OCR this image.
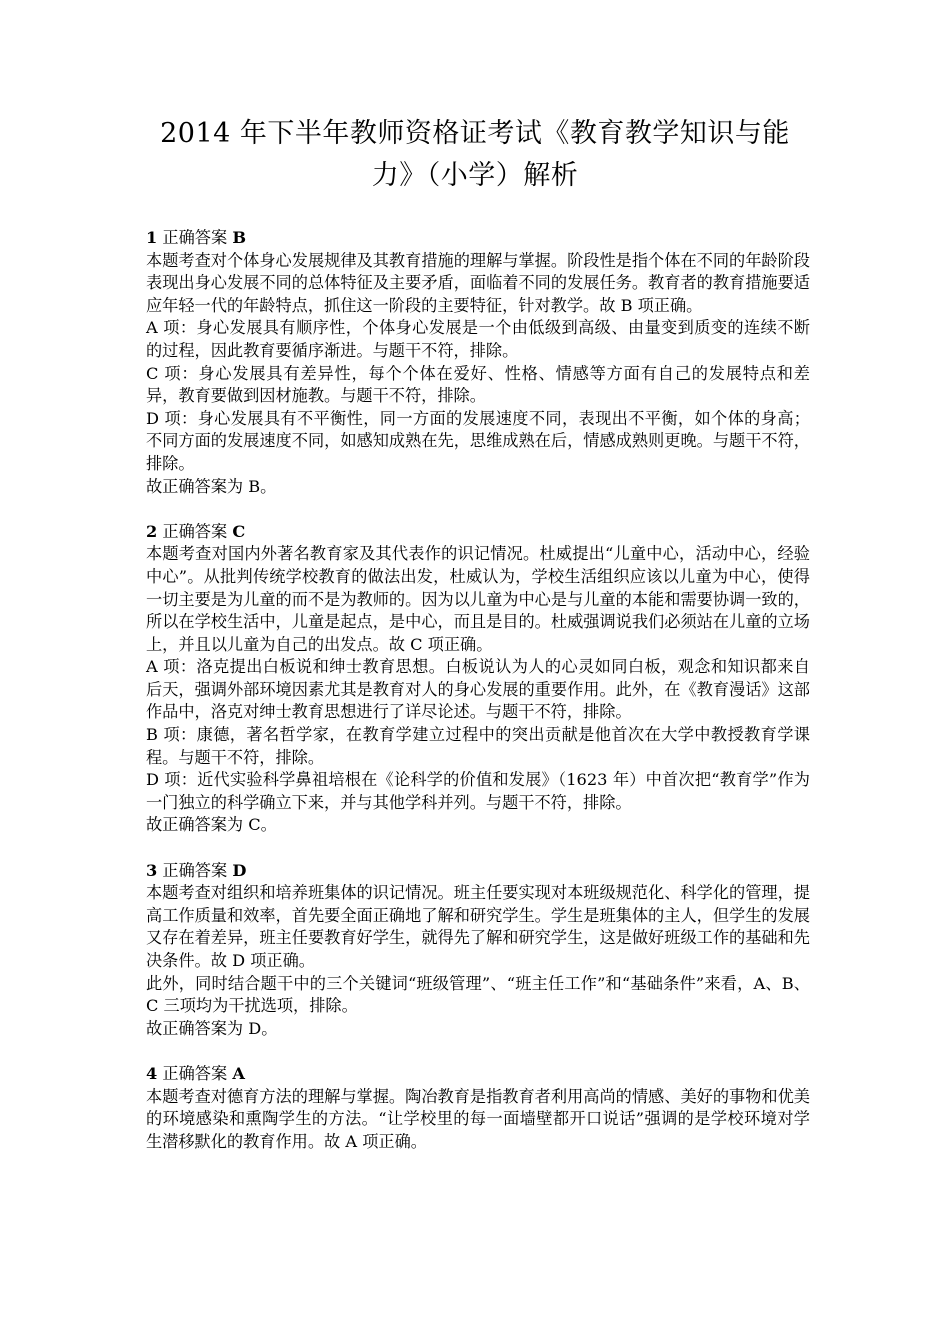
2014 年下半年教师资格证考试《教育教学知识与能
力》（小学）解析

1 正确答案 B

本题考查对个体身心发展规律及其教育措施的理解与掌握。阶段性是指个体在不同的年龄阶段表现出身心发展不同的总体特征及主要矛盾，面临着不同的发展任务。教育者的教育措施要适应年轻一代的年龄特点，抓住这一阶段的主要特征，针对教学。故 B 项正确。

A 项：身心发展具有顺序性，个体身心发展是一个由低级到高级、由量变到质变的连续不断的过程，因此教育要循序渐进。与题干不符，排除。

C 项：身心发展具有差异性，每个个体在爱好、性格、情感等方面有自己的发展特点和差异，教育要做到因材施教。与题干不符，排除。

D 项：身心发展具有不平衡性，同一方面的发展速度不同，表现出不平衡，如个体的身高；不同方面的发展速度不同，如感知成熟在先，思维成熟在后，情感成熟则更晚。与题干不符，排除。

故正确答案为 B。

2 正确答案 C

本题考查对国内外著名教育家及其代表作的识记情况。杜威提出“儿童中心，活动中心，经验中心”。从批判传统学校教育的做法出发，杜威认为，学校生活组织应该以儿童为中心，使得一切主要是为儿童的而不是为教师的。因为以儿童为中心是与儿童的本能和需要协调一致的，所以在学校生活中，儿童是起点，是中心，而且是目的。杜威强调说我们必须站在儿童的立场上，并且以儿童为自己的出发点。故 C 项正确。

A 项：洛克提出白板说和绅士教育思想。白板说认为人的心灵如同白板，观念和知识都来自后天，强调外部环境因素尤其是教育对人的身心发展的重要作用。此外，在《教育漫话》这部作品中，洛克对绅士教育思想进行了详尽论述。与题干不符，排除。

B 项：康德，著名哲学家，在教育学建立过程中的突出贡献是他首次在大学中教授教育学课程。与题干不符，排除。

D 项：近代实验科学鼻祖培根在《论科学的价值和发展》（1623 年）中首次把“教育学”作为一门独立的科学确立下来，并与其他学科并列。与题干不符，排除。

故正确答案为 C。

3 正确答案 D

本题考查对组织和培养班集体的识记情况。班主任要实现对本班级规范化、科学化的管理，提高工作质量和效率，首先要全面正确地了解和研究学生。学生是班集体的主人，但学生的发展又存在着差异，班主任要教育好学生，就得先了解和研究学生，这是做好班级工作的基础和先决条件。故 D 项正确。

此外，同时结合题干中的三个关键词“班级管理”、“班主任工作”和“基础条件”来看，A、B、C 三项均为干扰选项，排除。

故正确答案为 D。

4 正确答案 A

本题考查对德育方法的理解与掌握。陶冶教育是指教育者利用高尚的情感、美好的事物和优美的环境感染和熏陶学生的方法。“让学校里的每一面墙壁都开口说话”强调的是学校环境对学生潜移默化的教育作用。故 A 项正确。
